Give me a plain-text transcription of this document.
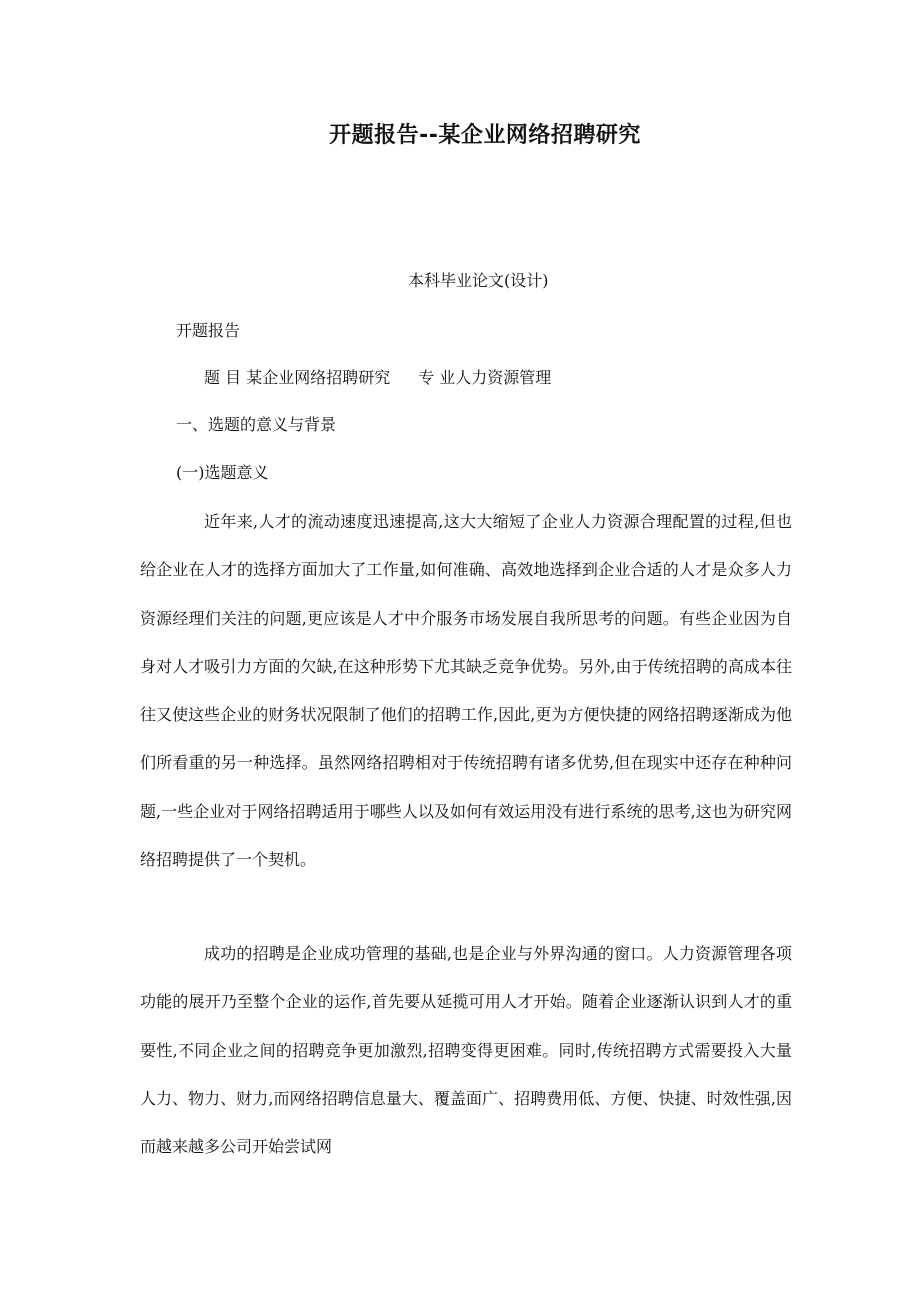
开题报告--某企业网络招聘研究
本科毕业论文(设计)
开题报告
题 目 某企业网络招聘研究 专 业人力资源管理
一、选题的意义与背景
(一)选题意义

近年来,人才的流动速度迅速提高,这大大缩短了企业人力资源合理配置的过程,但也给企业在人才的选择方面加大了工作量,如何准确、高效地选择到企业合适的人才是众多人力资源经理们关注的问题,更应该是人才中介服务市场发展自我所思考的问题。有些企业因为自身对人才吸引力方面的欠缺,在这种形势下尤其缺乏竞争优势。另外,由于传统招聘的高成本往往又使这些企业的财务状况限制了他们的招聘工作,因此,更为方便快捷的网络招聘逐渐成为他们所看重的另一种选择。虽然网络招聘相对于传统招聘有诸多优势,但在现实中还存在种种问题,一些企业对于网络招聘适用于哪些人以及如何有效运用没有进行系统的思考,这也为研究网络招聘提供了一个契机。

成功的招聘是企业成功管理的基础,也是企业与外界沟通的窗口。人力资源管理各项功能的展开乃至整个企业的运作,首先要从延揽可用人才开始。随着企业逐渐认识到人才的重要性,不同企业之间的招聘竞争更加激烈,招聘变得更困难。同时,传统招聘方式需要投入大量人力、物力、财力,而网络招聘信息量大、覆盖面广、招聘费用低、方便、快捷、时效性强,因而越来越多公司开始尝试网
